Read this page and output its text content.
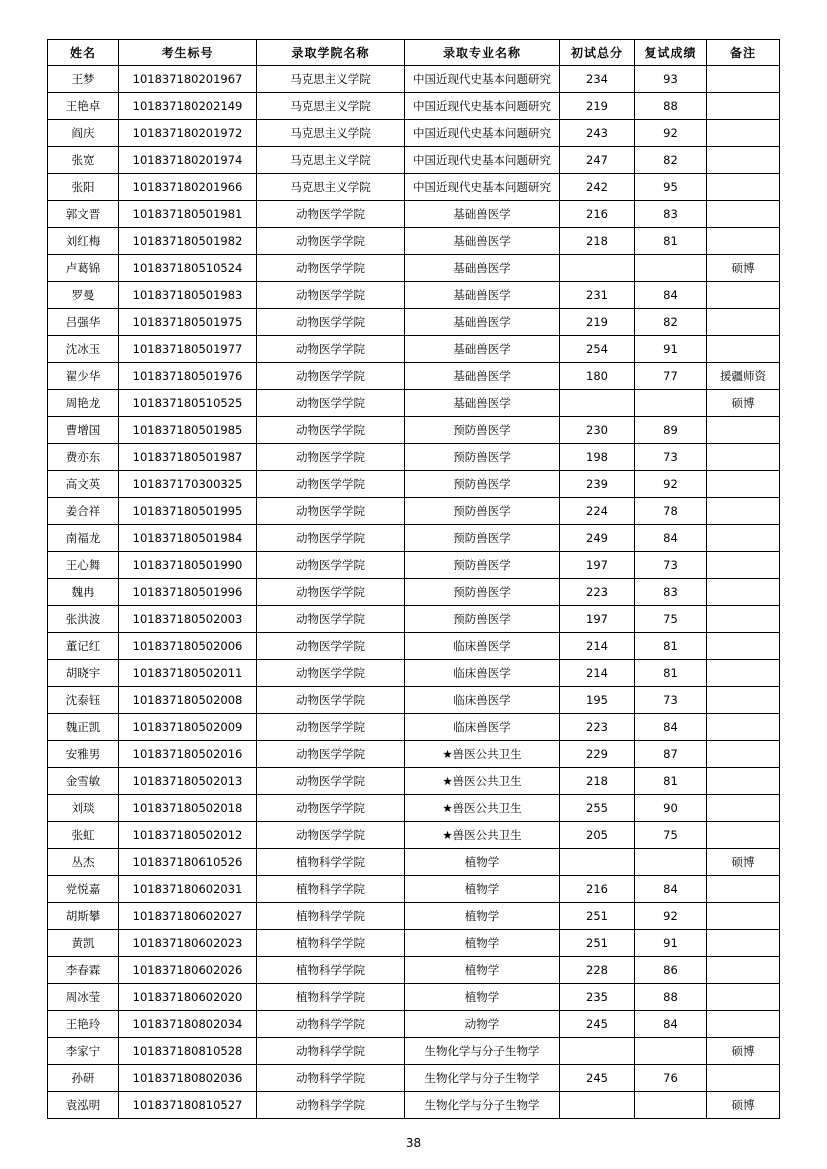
姓名	考生标号	录取学院名称	录取专业名称	初试总分	复试成绩	备注
王梦	101837180201967	马克思主义学院	中国近现代史基本问题研究	234	93	
王艳卓	101837180202149	马克思主义学院	中国近现代史基本问题研究	219	88	
阎庆	101837180201972	马克思主义学院	中国近现代史基本问题研究	243	92	
张宽	101837180201974	马克思主义学院	中国近现代史基本问题研究	247	82	
张阳	101837180201966	马克思主义学院	中国近现代史基本问题研究	242	95	
郭文晋	101837180501981	动物医学学院	基础兽医学	216	83	
刘红梅	101837180501982	动物医学学院	基础兽医学	218	81	
卢葛锦	101837180510524	动物医学学院	基础兽医学			硕博
罗曼	101837180501983	动物医学学院	基础兽医学	231	84	
吕强华	101837180501975	动物医学学院	基础兽医学	219	82	
沈冰玉	101837180501977	动物医学学院	基础兽医学	254	91	
翟少华	101837180501976	动物医学学院	基础兽医学	180	77	援疆师资
周艳龙	101837180510525	动物医学学院	基础兽医学			硕博
曹增国	101837180501985	动物医学学院	预防兽医学	230	89	
费亦东	101837180501987	动物医学学院	预防兽医学	198	73	
高文英	101837170300325	动物医学学院	预防兽医学	239	92	
姜合祥	101837180501995	动物医学学院	预防兽医学	224	78	
南福龙	101837180501984	动物医学学院	预防兽医学	249	84	
王心舞	101837180501990	动物医学学院	预防兽医学	197	73	
魏冉	101837180501996	动物医学学院	预防兽医学	223	83	
张洪波	101837180502003	动物医学学院	预防兽医学	197	75	
董记红	101837180502006	动物医学学院	临床兽医学	214	81	
胡晓宇	101837180502011	动物医学学院	临床兽医学	214	81	
沈泰钰	101837180502008	动物医学学院	临床兽医学	195	73	
魏正凯	101837180502009	动物医学学院	临床兽医学	223	84	
安雅男	101837180502016	动物医学学院	★兽医公共卫生	229	87	
金雪敏	101837180502013	动物医学学院	★兽医公共卫生	218	81	
刘琰	101837180502018	动物医学学院	★兽医公共卫生	255	90	
张虹	101837180502012	动物医学学院	★兽医公共卫生	205	75	
丛杰	101837180610526	植物科学学院	植物学			硕博
党悦嘉	101837180602031	植物科学学院	植物学	216	84	
胡斯攀	101837180602027	植物科学学院	植物学	251	92	
黄凯	101837180602023	植物科学学院	植物学	251	91	
李春霖	101837180602026	植物科学学院	植物学	228	86	
周冰莹	101837180602020	植物科学学院	植物学	235	88	
王艳玲	101837180802034	动物科学学院	动物学	245	84	
李家宁	101837180810528	动物科学学院	生物化学与分子生物学			硕博
孙研	101837180802036	动物科学学院	生物化学与分子生物学	245	76	
袁泓明	101837180810527	动物科学学院	生物化学与分子生物学			硕博
38
